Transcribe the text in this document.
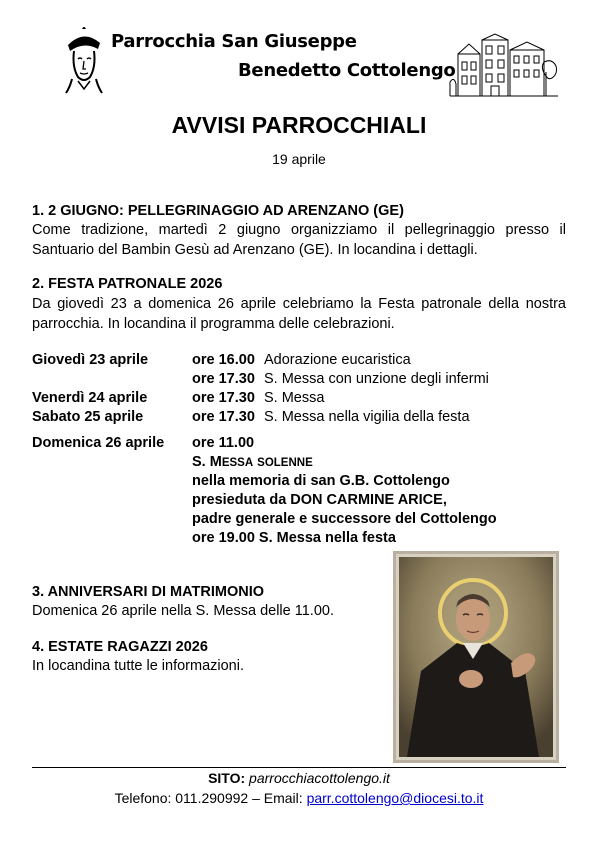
Parrocchia San Giuseppe
Benedetto Cottolengo
AVVISI PARROCCHIALI
19 aprile
1. 2 GIUGNO: PELLEGRINAGGIO AD ARENZANO (GE)
Come tradizione, martedì 2 giugno organizziamo il pellegrinaggio presso il Santuario del Bambin Gesù ad Arenzano (GE). In locandina i dettagli.
2. FESTA PATRONALE 2026
Da giovedì 23 a domenica 26 aprile celebriamo la Festa patronale della nostra parrocchia. In locandina il programma delle celebrazioni.
Giovedì 23 aprile	ore 16.00 Adorazione eucaristica
ore 17.30 S. Messa con unzione degli infermi
Venerdì 24 aprile	ore 17.30 S. Messa
Sabato 25 aprile	ore 17.30 S. Messa nella vigilia della festa
Domenica 26 aprile ore 11.00
S. MESSA SOLENNE
nella memoria di san G.B. Cottolengo
presieduta da DON CARMINE ARICE,
padre generale e successore del Cottolengo
ore 19.00 S. Messa nella festa
3. ANNIVERSARI DI MATRIMONIO
Domenica 26 aprile nella S. Messa delle 11.00.
4. ESTATE RAGAZZI 2026
In locandina tutte le informazioni.
SITO: parrocchiacottolengo.it
Telefono: 011.290992 – Email: parr.cottolengo@diocesi.to.it
